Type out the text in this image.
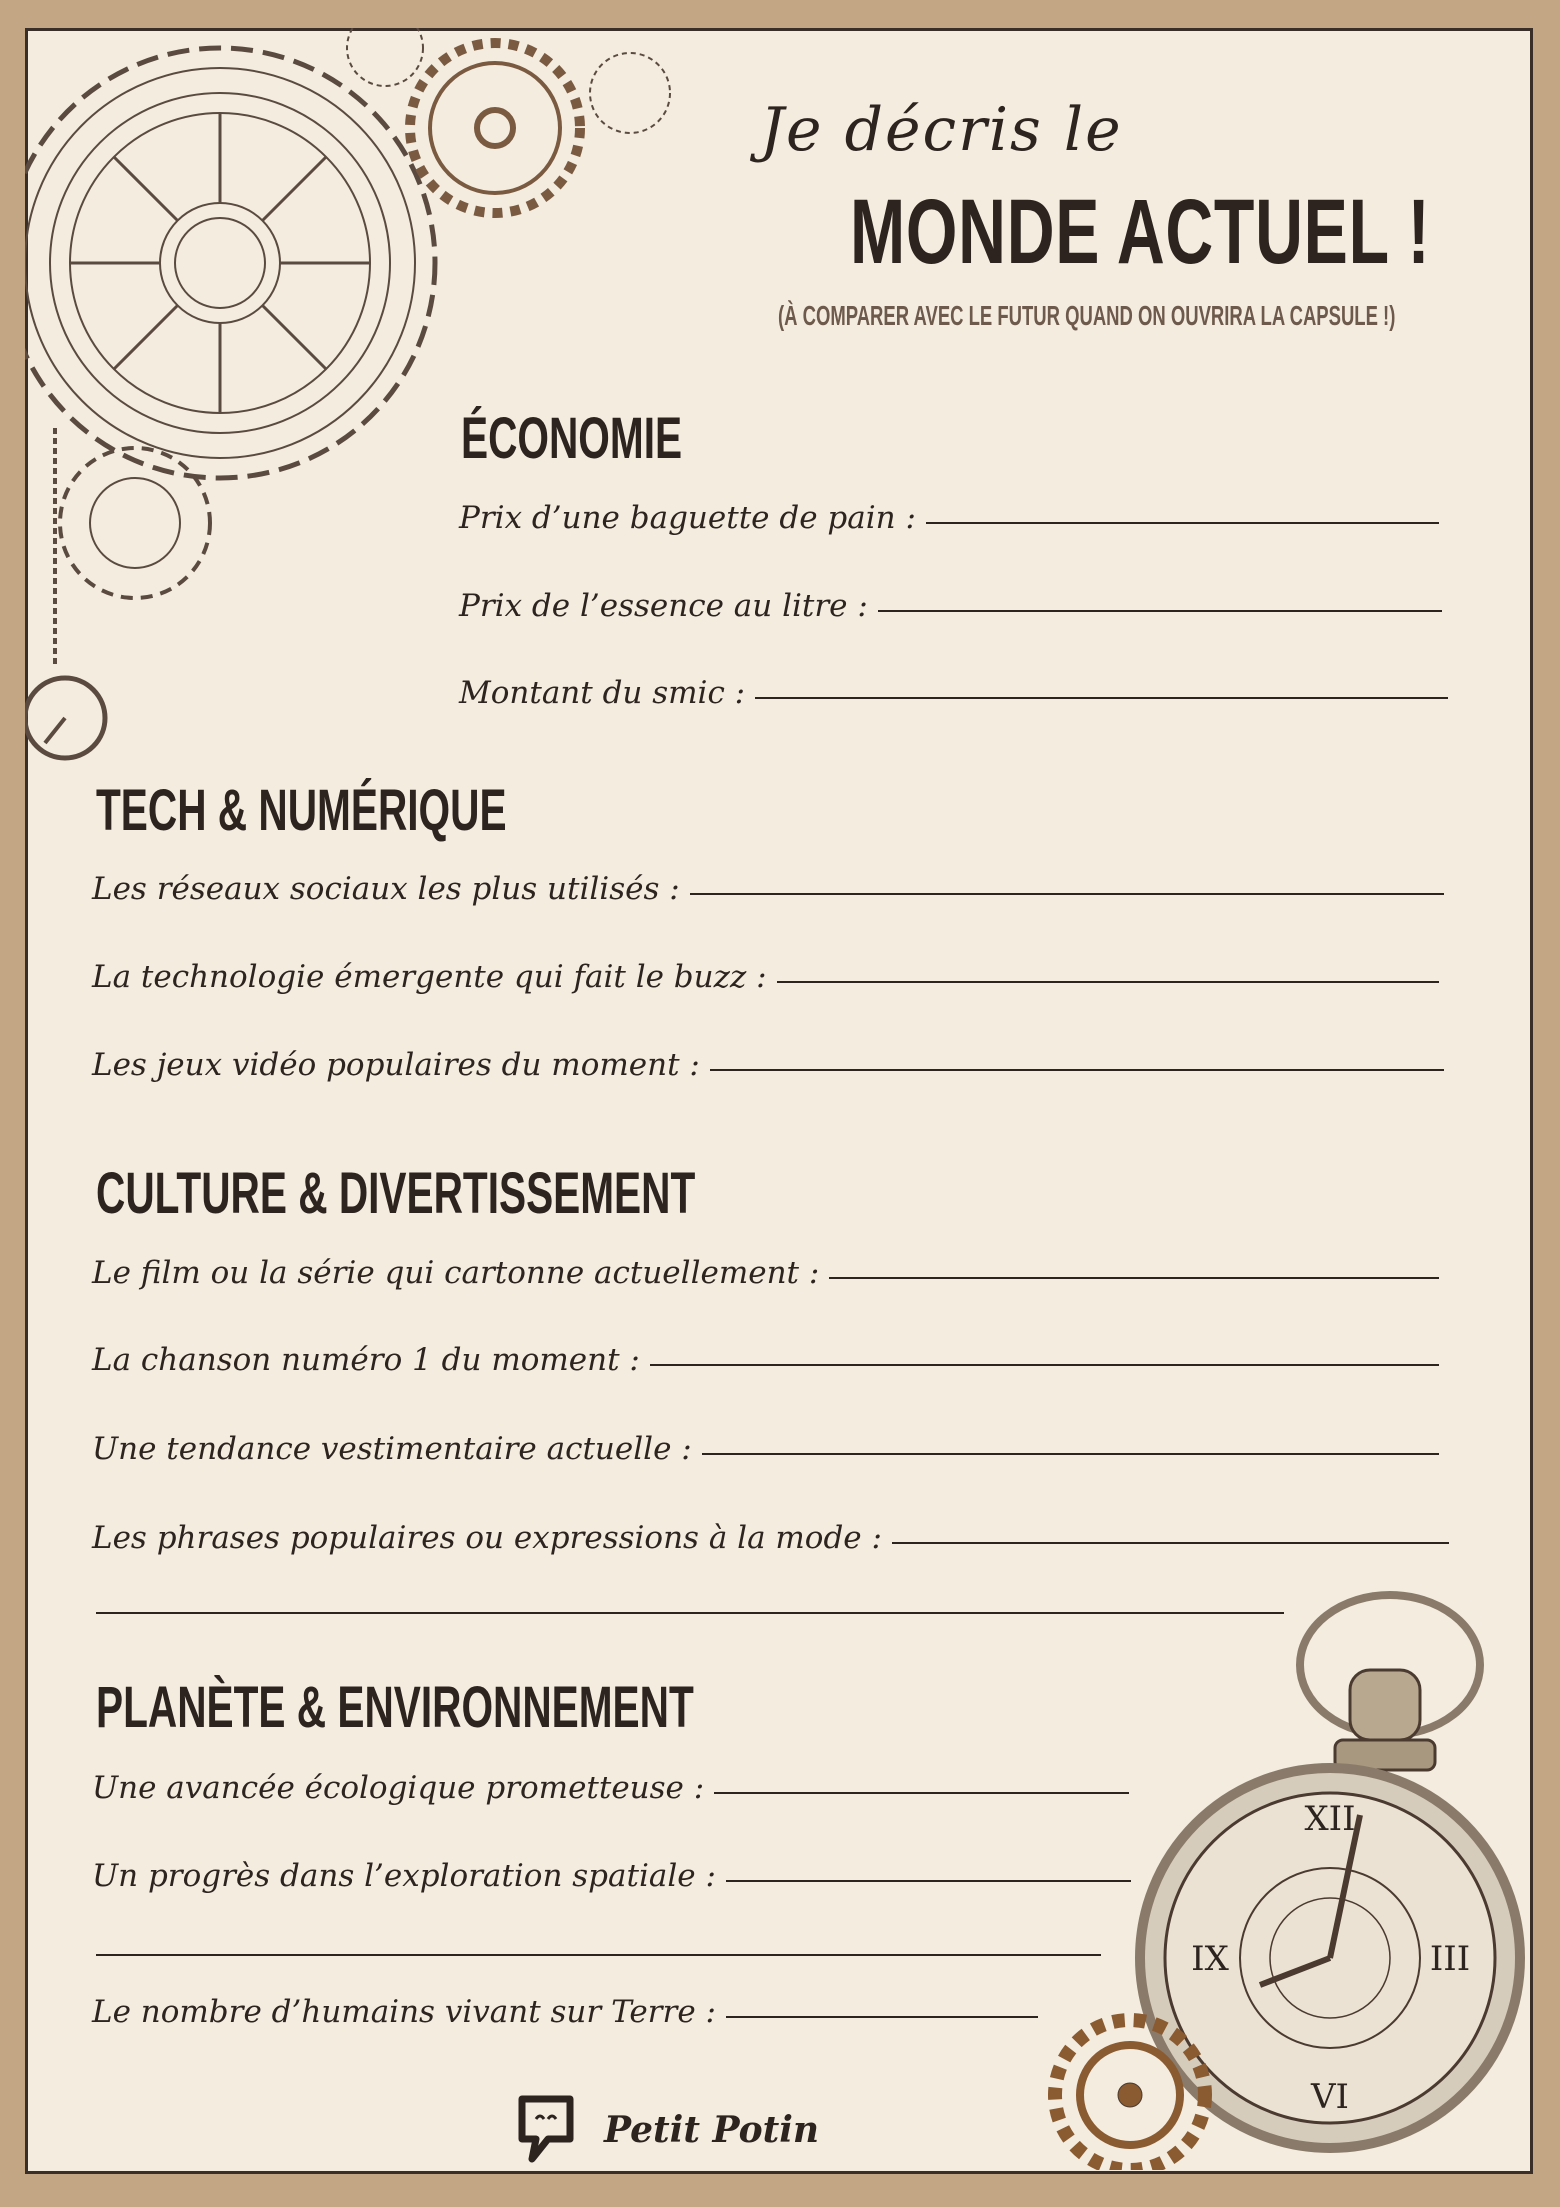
Je décris le
MONDE ACTUEL !
(À COMPARER AVEC LE FUTUR QUAND ON OUVRIRA LA CAPSULE !)
ÉCONOMIE
Prix d’une baguette de pain :
Prix de l’essence au litre :
Montant du smic :
TECH & NUMÉRIQUE
Les réseaux sociaux les plus utilisés :
La technologie émergente qui fait le buzz :
Les jeux vidéo populaires du moment :
CULTURE & DIVERTISSEMENT
Le film ou la série qui cartonne actuellement :
La chanson numéro 1 du moment :
Une tendance vestimentaire actuelle :
Les phrases populaires ou expressions à la mode :
PLANÈTE & ENVIRONNEMENT
Une avancée écologique prometteuse :
Un progrès dans l’exploration spatiale :
Le nombre d’humains vivant sur Terre :
XII
III
VI
IX
Petit Potin
